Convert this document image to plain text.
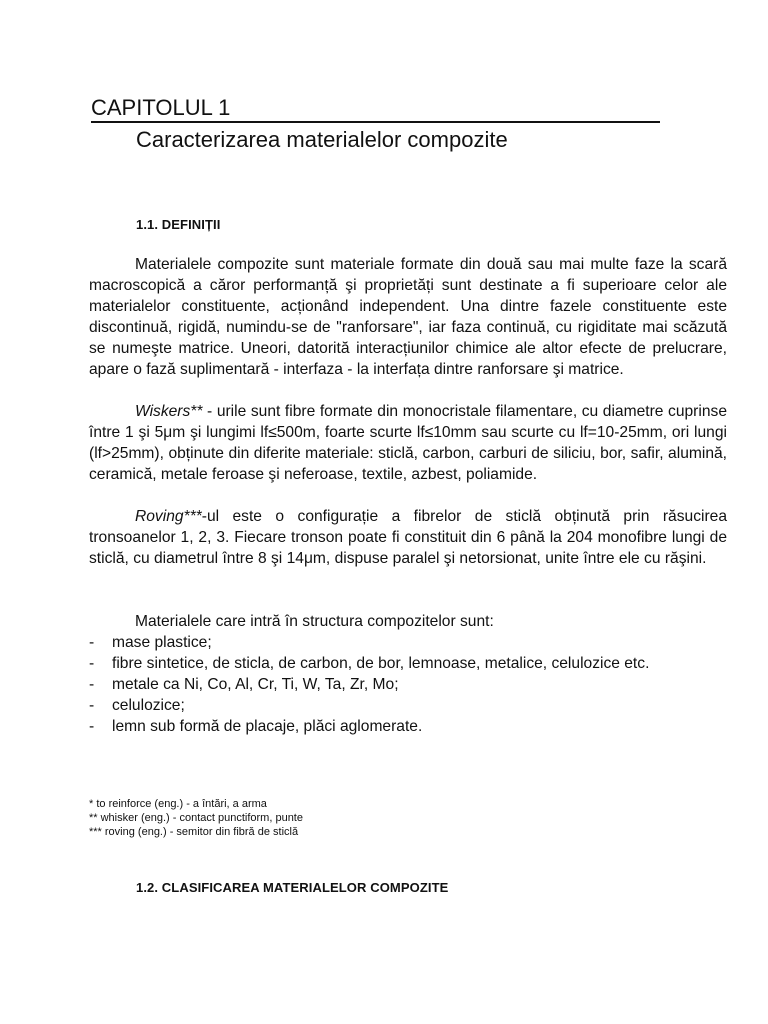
CAPITOLUL 1
Caracterizarea materialelor compozite
1.1. DEFINIȚII

Materialele compozite sunt materiale formate din două sau mai multe faze la scară macroscopică a căror performanță şi proprietăți sunt destinate a fi superioare celor ale materialelor constituente, acționând independent. Una dintre fazele constituente este discontinuă, rigidă, numindu-se de "ranforsare", iar faza continuă, cu rigiditate mai scăzută se numeşte matrice. Uneori, datorită interacțiunilor chimice ale altor efecte de prelucrare, apare o fază suplimentară - interfaza - la interfața dintre ranforsare şi matrice.

Wiskers** - urile sunt fibre formate din monocristale filamentare, cu diametre cuprinse între 1 şi 5μm şi lungimi lf≤500m, foarte scurte lf≤10mm sau scurte cu lf=10-25mm, ori lungi (lf>25mm), obținute din diferite materiale: sticlă, carbon, carburi de siliciu, bor, safir, alumină, ceramică, metale feroase şi neferoase, textile, azbest, poliamide.

Roving***-ul este o configurație a fibrelor de sticlă obținută prin răsucirea tronsoanelor 1, 2, 3. Fiecare tronson poate fi constituit din 6 până la 204 monofibre lungi de sticlă, cu diametrul între 8 şi 14μm, dispuse paralel şi netorsionat, unite între ele cu răşini.

Materialele care intră în structura compozitelor sunt:

- mase plastice;
- fibre sintetice, de sticla, de carbon, de bor, lemnoase, metalice, celulozice etc.
- metale ca Ni, Co, Al, Cr, Ti, W, Ta, Zr, Mo;
- celulozice;
- lemn sub formă de placaje, plăci aglomerate.
* to reinforce (eng.) - a întări, a arma
** whisker (eng.) - contact punctiform, punte
*** roving (eng.) - semitor din fibră de sticlă
1.2. CLASIFICAREA MATERIALELOR COMPOZITE
